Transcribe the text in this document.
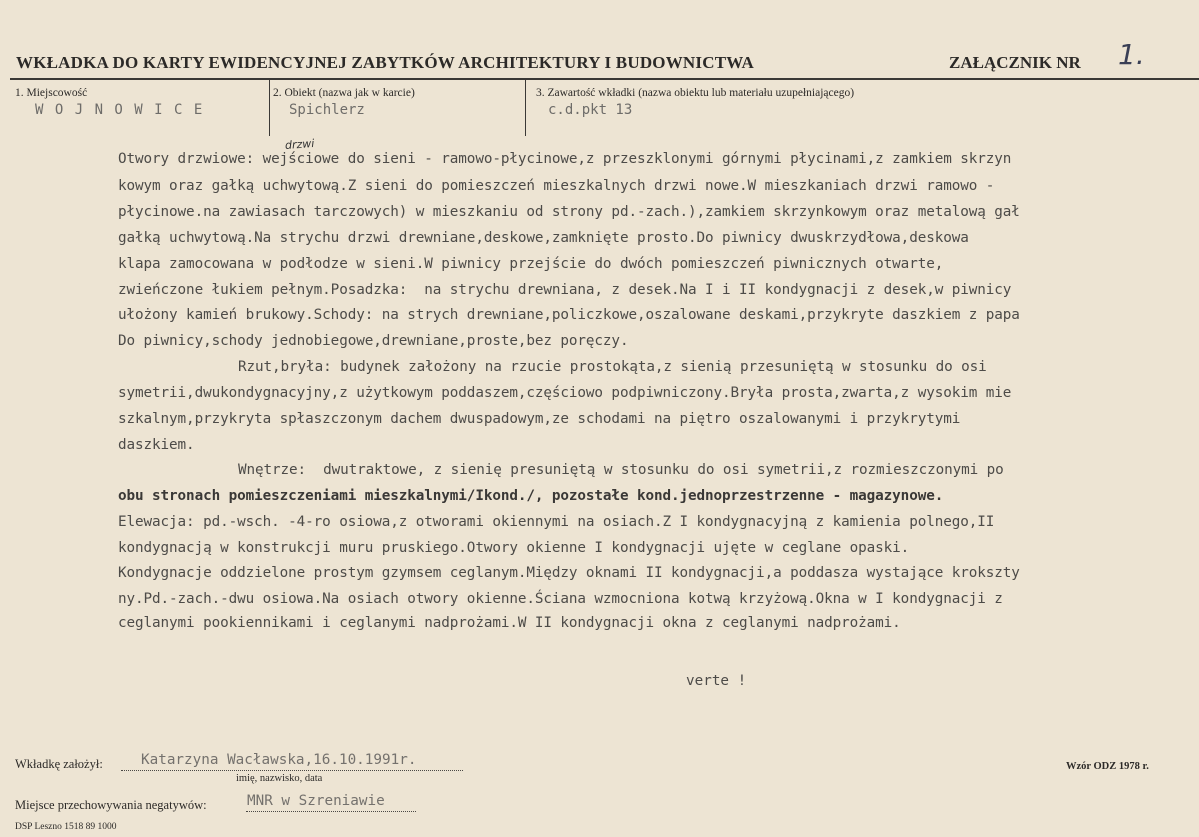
WKŁADKA DO KARTY EWIDENCYJNEJ ZABYTKÓW ARCHITEKTURY I BUDOWNICTWA	ZAŁĄCZNIK NR 1.
1. Miejscowość
W O J N O W I C E
2. Obiekt (nazwa jak w karcie)
Spichlerz
3. Zawartość wkładki (nazwa obiektu lub materiału uzupełniającego)
c.d.pkt 13
drzwi
Otwory drzwiowe: wejściowe do sieni - ramowo-płycinowe,z przeszklonymi górnymi płycinami,z zamkiem skrzyn
kowym oraz gałką uchwytową.Z sieni do pomieszczeń mieszkalnych drzwi nowe.W mieszkaniach drzwi ramowo -
płycinowe.na zawiasach tarczowych) w mieszkaniu od strony pd.-zach.),zamkiem skrzynkowym oraz metalową gał
gałką uchwytową.Na strychu drzwi drewniane,deskowe,zamknięte prosto.Do piwnicy dwuskrzydłowa,deskowa
klapa zamocowana w podłodze w sieni.W piwnicy przejście do dwóch pomieszczeń piwnicznych otwarte,
zwieńczone łukiem pełnym.Posadzka:  na strychu drewniana, z desek.Na I i II kondygnacji z desek,w piwnicy
ułożony kamień brukowy.Schody: na strych drewniane,policzkowe,oszalowane deskami,przykryte daszkiem z papa
Do piwnicy,schody jednobiegowe,drewniane,proste,bez poręczy.
Rzut,bryła: budynek założony na rzucie prostokąta,z sienią przesuniętą w stosunku do osi
symetrii,dwukondygnacyjny,z użytkowym poddaszem,częściowo podpiwniczony.Bryła prosta,zwarta,z wysokim mie
szkalnym,przykryta spłaszczonym dachem dwuspadowym,ze schodami na piętro oszalowanymi i przykrytymi
daszkiem.
Wnętrze:  dwutraktowe, z sienię presuniętą w stosunku do osi symetrii,z rozmieszczonymi po
obu stronach pomieszczeniami mieszkalnymi/Ikond./, pozostałe kond.jednoprzestrzenne - magazynowe.
Elewacja: pd.-wsch. -4-ro osiowa,z otworami okiennymi na osiach.Z I kondygnacyjną z kamienia polnego,II
kondygnacją w konstrukcji muru pruskiego.Otwory okienne I kondygnacji ujęte w ceglane opaski.
Kondygnacje oddzielone prostym gzymsem ceglanym.Między oknami II kondygnacji,a poddasza wystające krokszty
ny.Pd.-zach.-dwu osiowa.Na osiach otwory okienne.Ściana wzmocniona kotwą krzyżową.Okna w I kondygnacji z
ceglanymi pookiennikami i ceglanymi nadprożami.W II kondygnacji okna z ceglanymi nadprożami.
verte !
Wkładkę założył:	Katarzyna Wacławska,16.10.1991r.
imię, nazwisko, data
Wzór ODZ 1978 r.
Miejsce przechowywania negatywów:	MNR w Szreniawie
DSP Leszno 1518 89 1000
